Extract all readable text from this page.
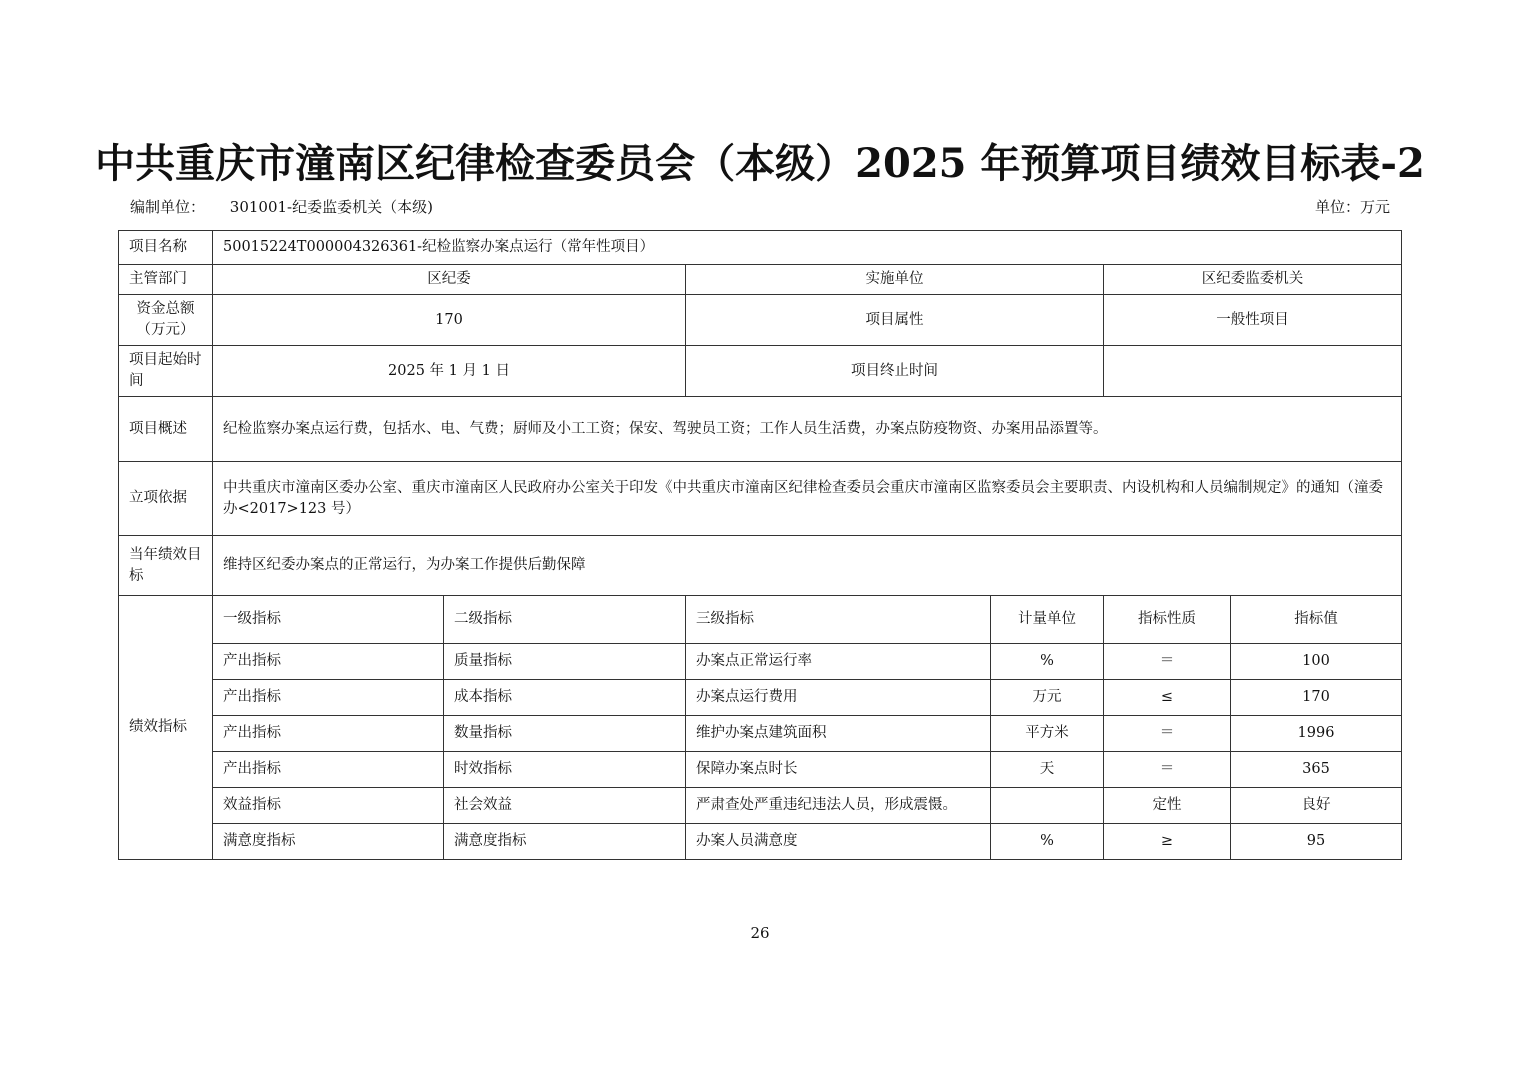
中共重庆市潼南区纪律检查委员会（本级）2025 年预算项目绩效目标表-2
编制单位： 301001-纪委监委机关（本级)	单位：万元
项目名称	50015224T000004326361-纪检监察办案点运行（常年性项目）					
主管部门	区纪委		实施单位		区纪委监委机关	
资金总额（万元）	170		项目属性		一般性项目	
项目起始时间	2025 年 1 月 1 日		项目终止时间			
项目概述	纪检监察办案点运行费，包括水、电、气费；厨师及小工工资；保安、驾驶员工资；工作人员生活费，办案点防疫物资、办案用品添置等。					
立项依据	中共重庆市潼南区委办公室、重庆市潼南区人民政府办公室关于印发《中共重庆市潼南区纪律检查委员会重庆市潼南区监察委员会主要职责、内设机构和人员编制规定》的通知（潼委办<2017>123 号）					
当年绩效目标	维持区纪委办案点的正常运行，为办案工作提供后勤保障					
绩效指标	一级指标	二级指标	三级指标	计量单位	指标性质	指标值
	产出指标	质量指标	办案点正常运行率	%	＝	100
	产出指标	成本指标	办案点运行费用	万元	≤	170
	产出指标	数量指标	维护办案点建筑面积	平方米	＝	1996
	产出指标	时效指标	保障办案点时长	天	＝	365
	效益指标	社会效益	严肃查处严重违纪违法人员，形成震慑。		定性	良好
	满意度指标	满意度指标	办案人员满意度	%	≥	95
26
